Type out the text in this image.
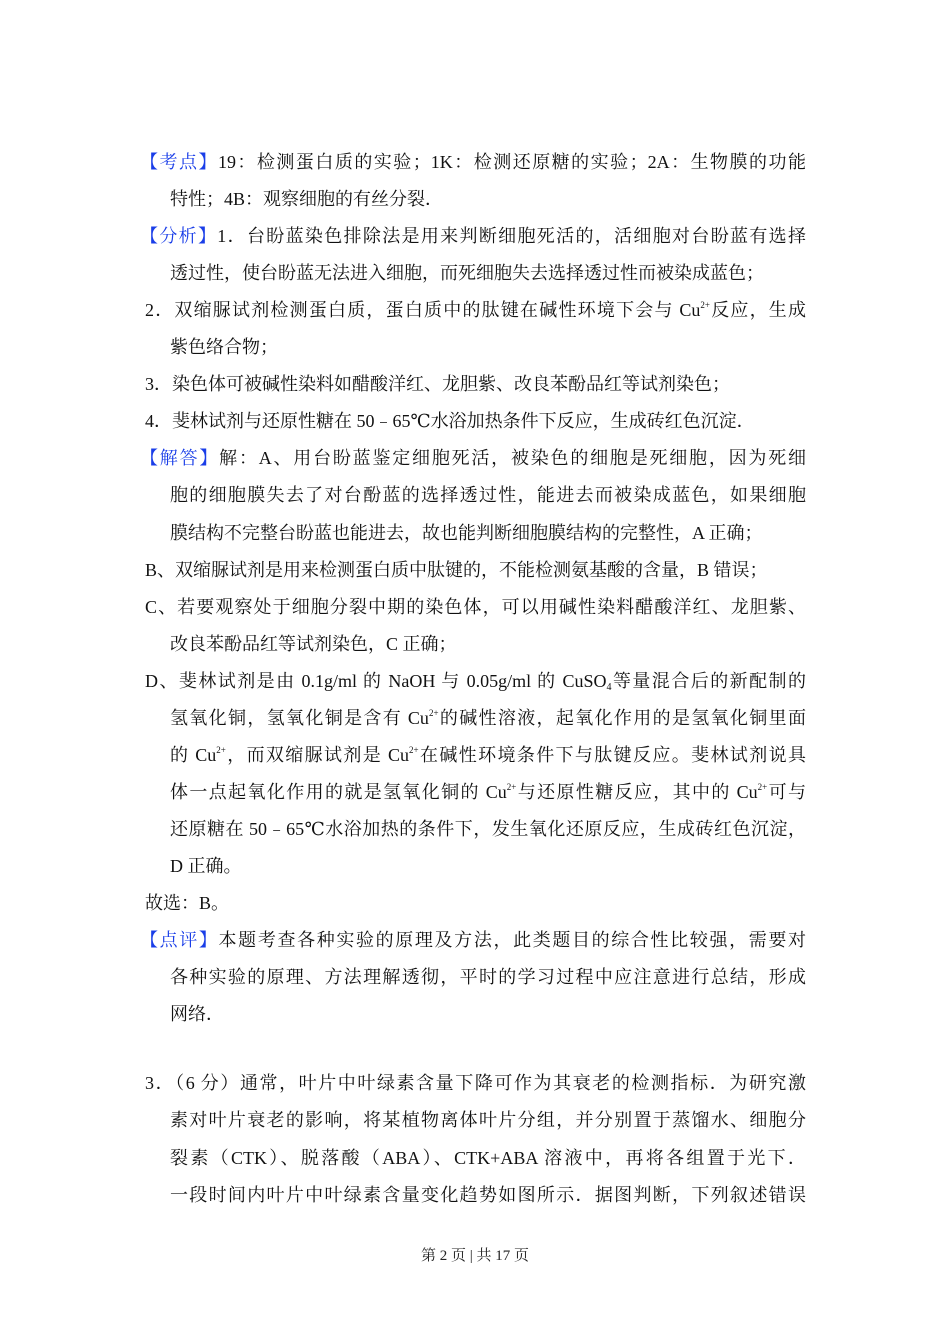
【考点】19：检测蛋白质的实验；1K：检测还原糖的实验；2A：生物膜的功能
特性；4B：观察细胞的有丝分裂．
【分析】1．台盼蓝染色排除法是用来判断细胞死活的，活细胞对台盼蓝有选择
透过性，使台盼蓝无法进入细胞，而死细胞失去选择透过性而被染成蓝色；
2．双缩脲试剂检测蛋白质，蛋白质中的肽键在碱性环境下会与 $Cu^{2+}$反应，生成
紫色络合物；
3．染色体可被碱性染料如醋酸洋红、龙胆紫、改良苯酚品红等试剂染色；
4．斐林试剂与还原性糖在 50﹣65℃水浴加热条件下反应，生成砖红色沉淀．
【解答】解：A、用台盼蓝鉴定细胞死活，被染色的细胞是死细胞，因为死细
胞的细胞膜失去了对台酚蓝的选择透过性，能进去而被染成蓝色，如果细胞
膜结构不完整台盼蓝也能进去，故也能判断细胞膜结构的完整性，A 正确；
B、双缩脲试剂是用来检测蛋白质中肽键的，不能检测氨基酸的含量，B 错误；
C、若要观察处于细胞分裂中期的染色体，可以用碱性染料醋酸洋红、龙胆紫、
改良苯酚品红等试剂染色，C 正确；
D、斐林试剂是由 0.1g/ml 的 NaOH 与 0.05g/ml 的 CuSO$_4$等量混合后的新配制的
氢氧化铜，氢氧化铜是含有 $Cu^{2+}$的碱性溶液，起氧化作用的是氢氧化铜里面
的 $Cu^{2+}$，而双缩脲试剂是 $Cu^{2+}$在碱性环境条件下与肽键反应。斐林试剂说具
体一点起氧化作用的就是氢氧化铜的 $Cu^{2+}$与还原性糖反应，其中的 $Cu^{2+}$可与
还原糖在 50﹣65℃水浴加热的条件下，发生氧化还原反应，生成砖红色沉淀，
D 正确。
故选：B。
【点评】本题考查各种实验的原理及方法，此类题目的综合性比较强，需要对
各种实验的原理、方法理解透彻，平时的学习过程中应注意进行总结，形成
网络．
3．（6 分）通常，叶片中叶绿素含量下降可作为其衰老的检测指标．为研究激
素对叶片衰老的影响，将某植物离体叶片分组，并分别置于蒸馏水、细胞分
裂素（CTK）、脱落酸（ABA）、CTK+ABA 溶液中，再将各组置于光下．
一段时间内叶片中叶绿素含量变化趋势如图所示．据图判断，下列叙述错误
第 2 页 | 共 17 页
